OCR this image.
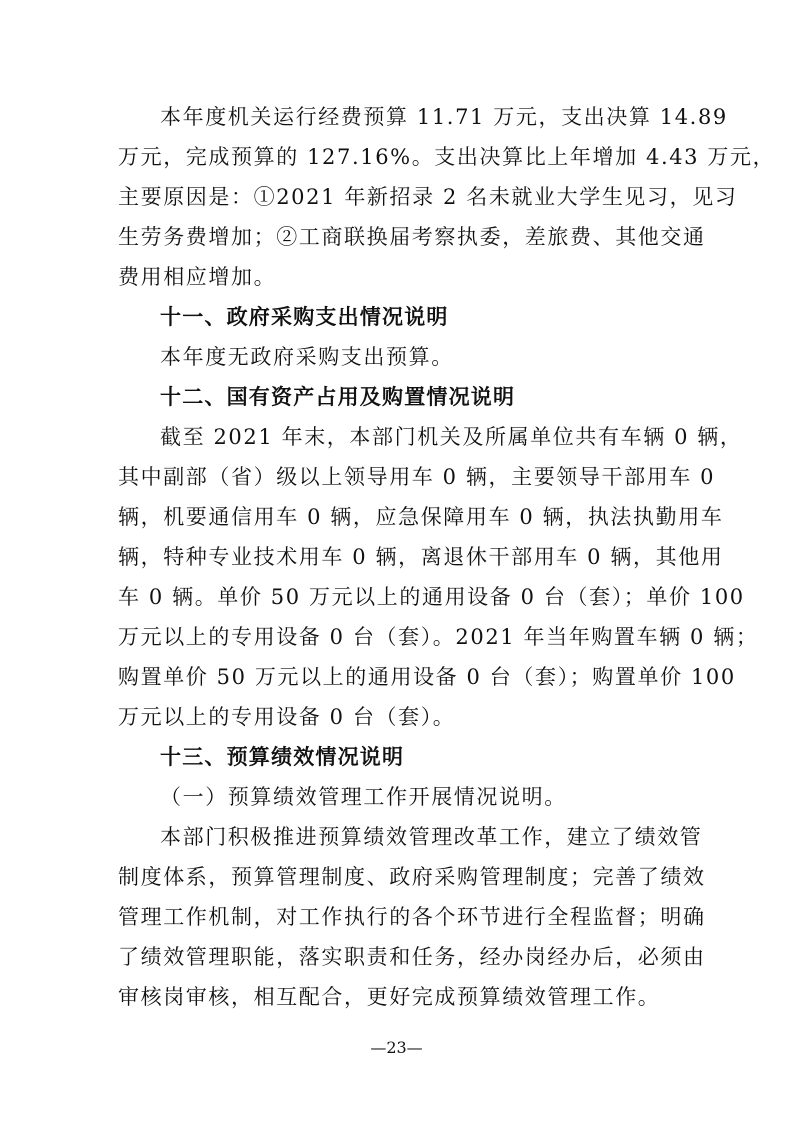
本年度机关运行经费预算 11.71 万元，支出决算 14.89
万元，完成预算的 127.16%。支出决算比上年增加 4.43 万元，
主要原因是：①2021 年新招录 2 名未就业大学生见习，见习
生劳务费增加；②工商联换届考察执委，差旅费、其他交通
费用相应增加。
十一、政府采购支出情况说明
本年度无政府采购支出预算。
十二、国有资产占用及购置情况说明
截至 2021 年末，本部门机关及所属单位共有车辆 0 辆，
其中副部（省）级以上领导用车 0 辆，主要领导干部用车 0
辆，机要通信用车 0 辆，应急保障用车 0 辆，执法执勤用车
辆，特种专业技术用车 0 辆，离退休干部用车 0 辆，其他用
车 0 辆。单价 50 万元以上的通用设备 0 台（套）；单价 100
万元以上的专用设备 0 台（套）。2021 年当年购置车辆 0 辆；
购置单价 50 万元以上的通用设备 0 台（套）；购置单价 100
万元以上的专用设备 0 台（套）。
十三、预算绩效情况说明
（一）预算绩效管理工作开展情况说明。
本部门积极推进预算绩效管理改革工作，建立了绩效管
制度体系，预算管理制度、政府采购管理制度；完善了绩效
管理工作机制，对工作执行的各个环节进行全程监督；明确
了绩效管理职能，落实职责和任务，经办岗经办后，必须由
审核岗审核，相互配合，更好完成预算绩效管理工作。
—23—
